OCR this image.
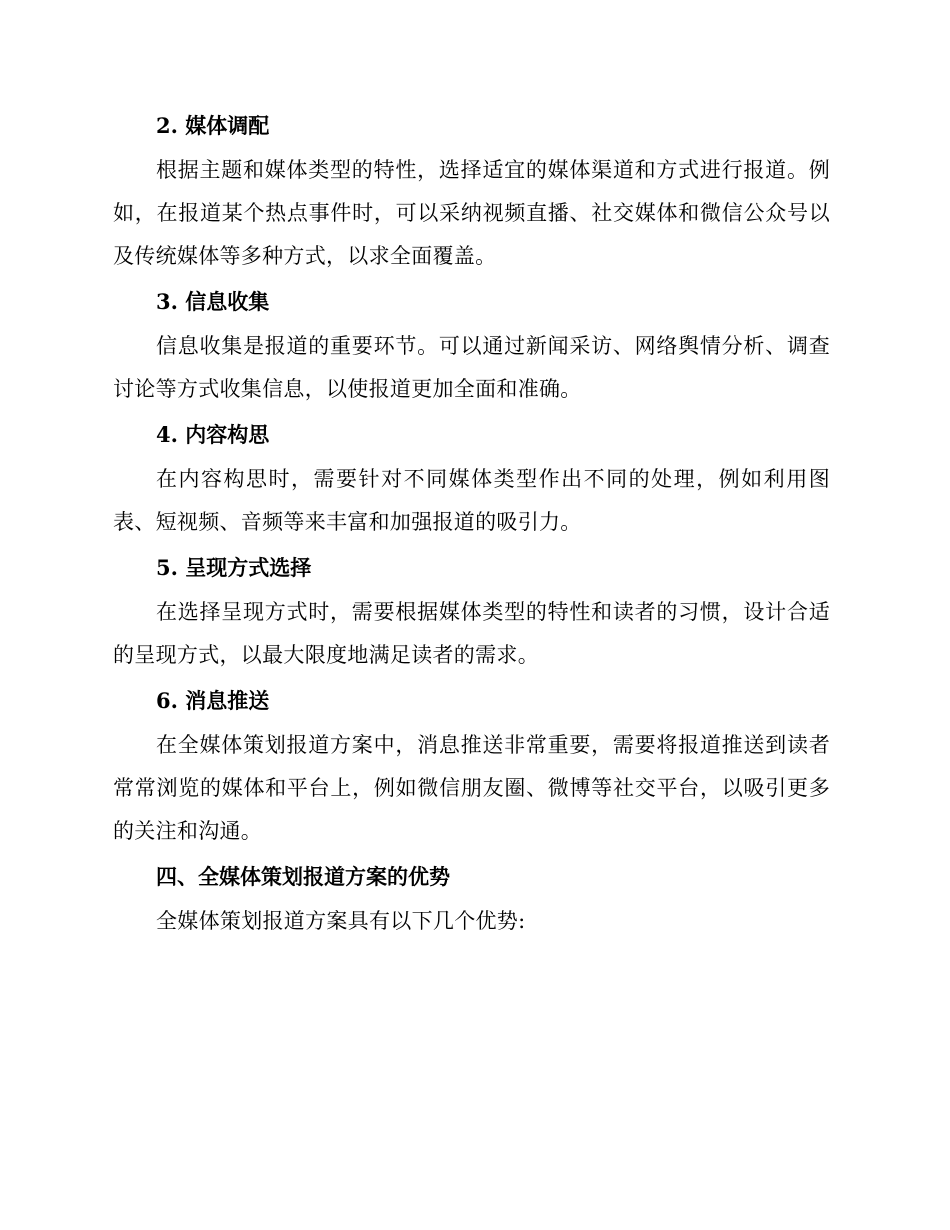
2. 媒体调配
根据主题和媒体类型的特性，选择适宜的媒体渠道和方式进行报道。例如，在报道某个热点事件时，可以采纳视频直播、社交媒体和微信公众号以及传统媒体等多种方式，以求全面覆盖。
3. 信息收集
信息收集是报道的重要环节。可以通过新闻采访、网络舆情分析、调查讨论等方式收集信息，以使报道更加全面和准确。
4. 内容构思
在内容构思时，需要针对不同媒体类型作出不同的处理，例如利用图表、短视频、音频等来丰富和加强报道的吸引力。
5. 呈现方式选择
在选择呈现方式时，需要根据媒体类型的特性和读者的习惯，设计合适的呈现方式，以最大限度地满足读者的需求。
6. 消息推送
在全媒体策划报道方案中，消息推送非常重要，需要将报道推送到读者常常浏览的媒体和平台上，例如微信朋友圈、微博等社交平台，以吸引更多的关注和沟通。
四、全媒体策划报道方案的优势
全媒体策划报道方案具有以下几个优势:
